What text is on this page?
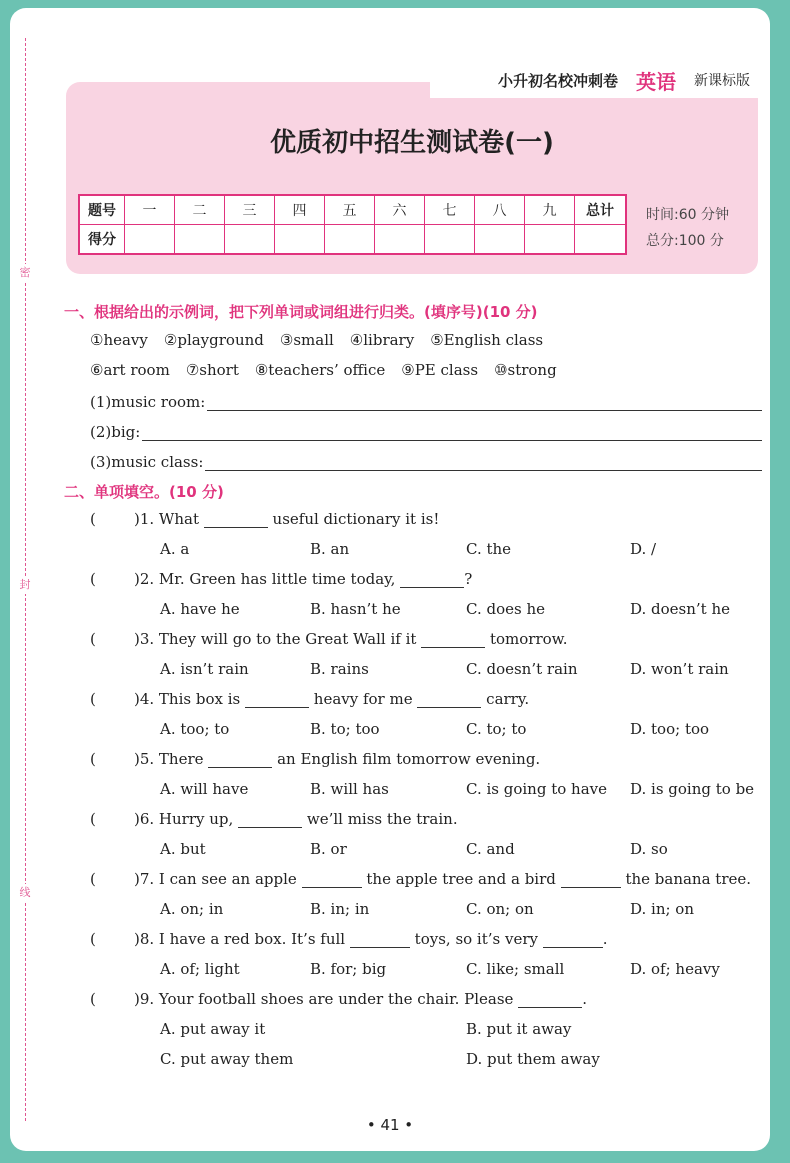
密
封
线
小升初名校冲刺卷 英语 新课标版
优质初中招生测试卷(一)
题号	一	二	三	四	五	六	七	八	九	总计
得分										
时间:60 分钟
总分:100 分
一、根据给出的示例词，把下列单词或词组进行归类。(填序号)(10 分)
①heavy ②playground ③small ④library ⑤English class
⑥art room ⑦short ⑧teachers’ office ⑨PE class ⑩strong
(1)music room:
(2)big:
(3)music class:
二、单项填空。(10 分)
(	)1. What	useful dictionary it is!
A. a	B. an	C. the	D. /
(	)2. Mr. Green has little time today,	?
A. have he	B. hasn’t he	C. does he	D. doesn’t he
(	)3. They will go to the Great Wall if it	tomorrow.
A. isn’t rain	B. rains	C. doesn’t rain	D. won’t rain
(	)4. This box is	heavy for me	carry.
A. too; to	B. to; too	C. to; to	D. too; too
(	)5. There	an English film tomorrow evening.
A. will have	B. will has	C. is going to have D. is going to be
(	)6. Hurry up,	we’ll miss the train.
A. but	B. or	C. and	D. so
(	)7. I can see an apple	the apple tree and a bird	the banana tree.
A. on; in	B. in; in	C. on; on	D. in; on
(	)8. I have a red box. It’s full	toys, so it’s very	.
A. of; light	B. for; big	C. like; small	D. of; heavy
(	)9. Your football shoes are under the chair. Please	.
A. put away it	B. put it away
C. put away them	D. put them away
• 41 •
